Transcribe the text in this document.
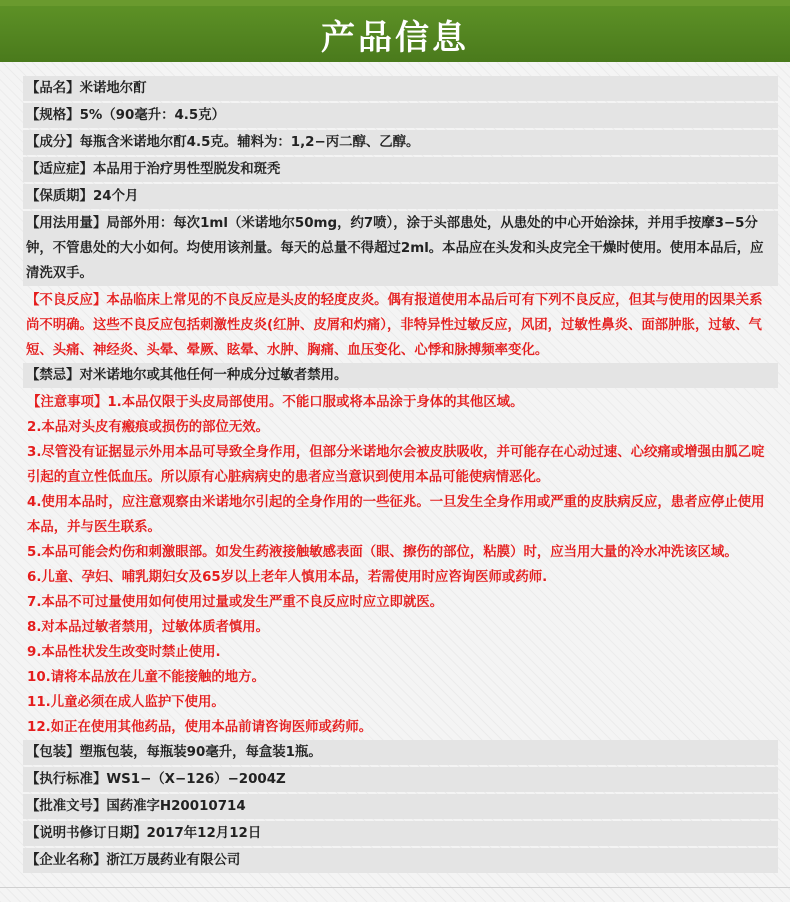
产品信息
【品名】米诺地尔酊
【规格】5%（90毫升：4.5克）
【成分】每瓶含米诺地尔酊4.5克。辅料为：1,2−丙二醇、乙醇。
【适应症】本品用于治疗男性型脱发和斑秃
【保质期】24个月
【用法用量】局部外用：每次1ml（米诺地尔50mg，约7喷），涂于头部患处，从患处的中心开始涂抹，并用手按摩3−5分钟，不管患处的大小如何。均使用该剂量。每天的总量不得超过2ml。本品应在头发和头皮完全干燥时使用。使用本品后，应清洗双手。
【不良反应】本品临床上常见的不良反应是头皮的轻度皮炎。偶有报道使用本品后可有下列不良反应，但其与使用的因果关系尚不明确。这些不良反应包括刺激性皮炎(红肿、皮屑和灼痛），非特异性过敏反应，风团，过敏性鼻炎、面部肿胀，过敏、气短、头痛、神经炎、头晕、晕厥、眩晕、水肿、胸痛、血压变化、心悸和脉搏频率变化。
【禁忌】对米诺地尔或其他任何一种成分过敏者禁用。
【注意事项】1.本品仅限于头皮局部使用。不能口服或将本品涂于身体的其他区域。
2.本品对头皮有瘢痕或损伤的部位无效。
3.尽管没有证据显示外用本品可导致全身作用，但部分米诺地尔会被皮肤吸收，并可能存在心动过速、心绞痛或增强由胍乙啶引起的直立性低血压。所以原有心脏病病史的患者应当意识到使用本品可能使病情恶化。
4.使用本品时，应注意观察由米诺地尔引起的全身作用的一些征兆。一旦发生全身作用或严重的皮肤病反应，患者应停止使用本品，并与医生联系。
5.本品可能会灼伤和刺激眼部。如发生药液接触敏感表面（眼、擦伤的部位，粘膜）时，应当用大量的冷水冲洗该区域。
6.儿童、孕妇、哺乳期妇女及65岁以上老年人慎用本品，若需使用时应咨询医师或药师.
7.本品不可过量使用如何使用过量或发生严重不良反应时应立即就医。
8.对本品过敏者禁用，过敏体质者慎用。
9.本品性状发生改变时禁止使用.
10.请将本品放在儿童不能接触的地方。
11.儿童必须在成人监护下使用。
12.如正在使用其他药品，使用本品前请咨询医师或药师。
【包装】塑瓶包装，每瓶装90毫升，每盒装1瓶。
【执行标准】WS1−（X−126）−2004Z
【批准文号】国药准字H20010714
【说明书修订日期】2017年12月12日
【企业名称】浙江万晟药业有限公司
